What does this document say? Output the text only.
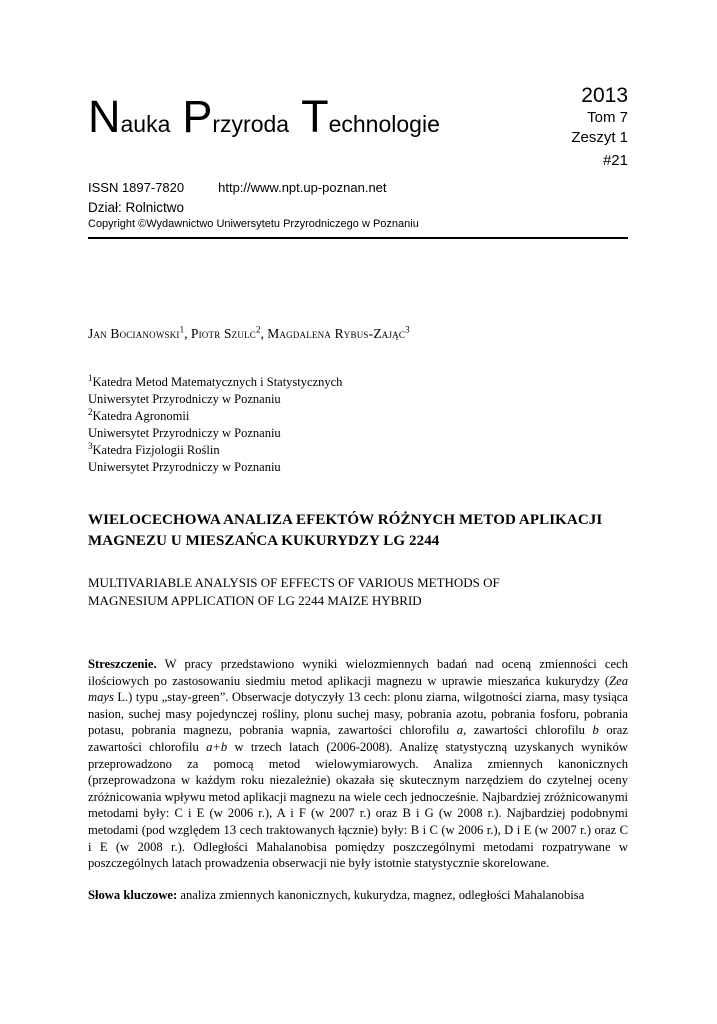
Nauka Przyroda Technologie
2013
Tom 7
Zeszyt 1
#21
ISSN 1897-7820	http://www.npt.up-poznan.net
Dział: Rolnictwo
Copyright ©Wydawnictwo Uniwersytetu Przyrodniczego w Poznaniu

Jan Bocianowski$^1$, Piotr Szulc$^2$, Magdalena Rybus-Zając$^3$

$^1$Katedra Metod Matematycznych i Statystycznych
Uniwersytet Przyrodniczy w Poznaniu
$^2$Katedra Agronomii
Uniwersytet Przyrodniczy w Poznaniu
$^3$Katedra Fizjologii Roślin
Uniwersytet Przyrodniczy w Poznaniu
WIELOCECHOWA ANALIZA EFEKTÓW RÓŻNYCH METOD APLIKACJI MAGNEZU U MIESZAŃCA KUKURYDZY LG 2244
MULTIVARIABLE ANALYSIS OF EFFECTS OF VARIOUS METHODS OF MAGNESIUM APPLICATION OF LG 2244 MAIZE HYBRID

Streszczenie. W pracy przedstawiono wyniki wielozmiennych badań nad oceną zmienności cech ilościowych po zastosowaniu siedmiu metod aplikacji magnezu w uprawie mieszańca kukurydzy (Zea mays L.) typu „stay-green”. Obserwacje dotyczyły 13 cech: plonu ziarna, wilgotności ziarna, masy tysiąca nasion, suchej masy pojedynczej rośliny, plonu suchej masy, pobrania azotu, pobrania fosforu, pobrania potasu, pobrania magnezu, pobrania wapnia, zawartości chlorofilu a, zawartości chlorofilu b oraz zawartości chlorofilu a+b w trzech latach (2006-2008). Analizę statystyczną uzyskanych wyników przeprowadzono za pomocą metod wielowymiarowych. Analiza zmiennych kanonicznych (przeprowadzona w każdym roku niezależnie) okazała się skutecznym narzędziem do czytelnej oceny zróżnicowania wpływu metod aplikacji magnezu na wiele cech jednocześnie. Najbardziej zróżnicowanymi metodami były: C i E (w 2006 r.), A i F (w 2007 r.) oraz B i G (w 2008 r.). Najbardziej podobnymi metodami (pod względem 13 cech traktowanych łącznie) były: B i C (w 2006 r.), D i E (w 2007 r.) oraz C i E (w 2008 r.). Odległości Mahalanobisa pomiędzy poszczególnymi metodami rozpatrywane w poszczególnych latach prowadzenia obserwacji nie były istotnie statystycznie skorelowane.

Słowa kluczowe: analiza zmiennych kanonicznych, kukurydza, magnez, odległości Mahalanobisa
